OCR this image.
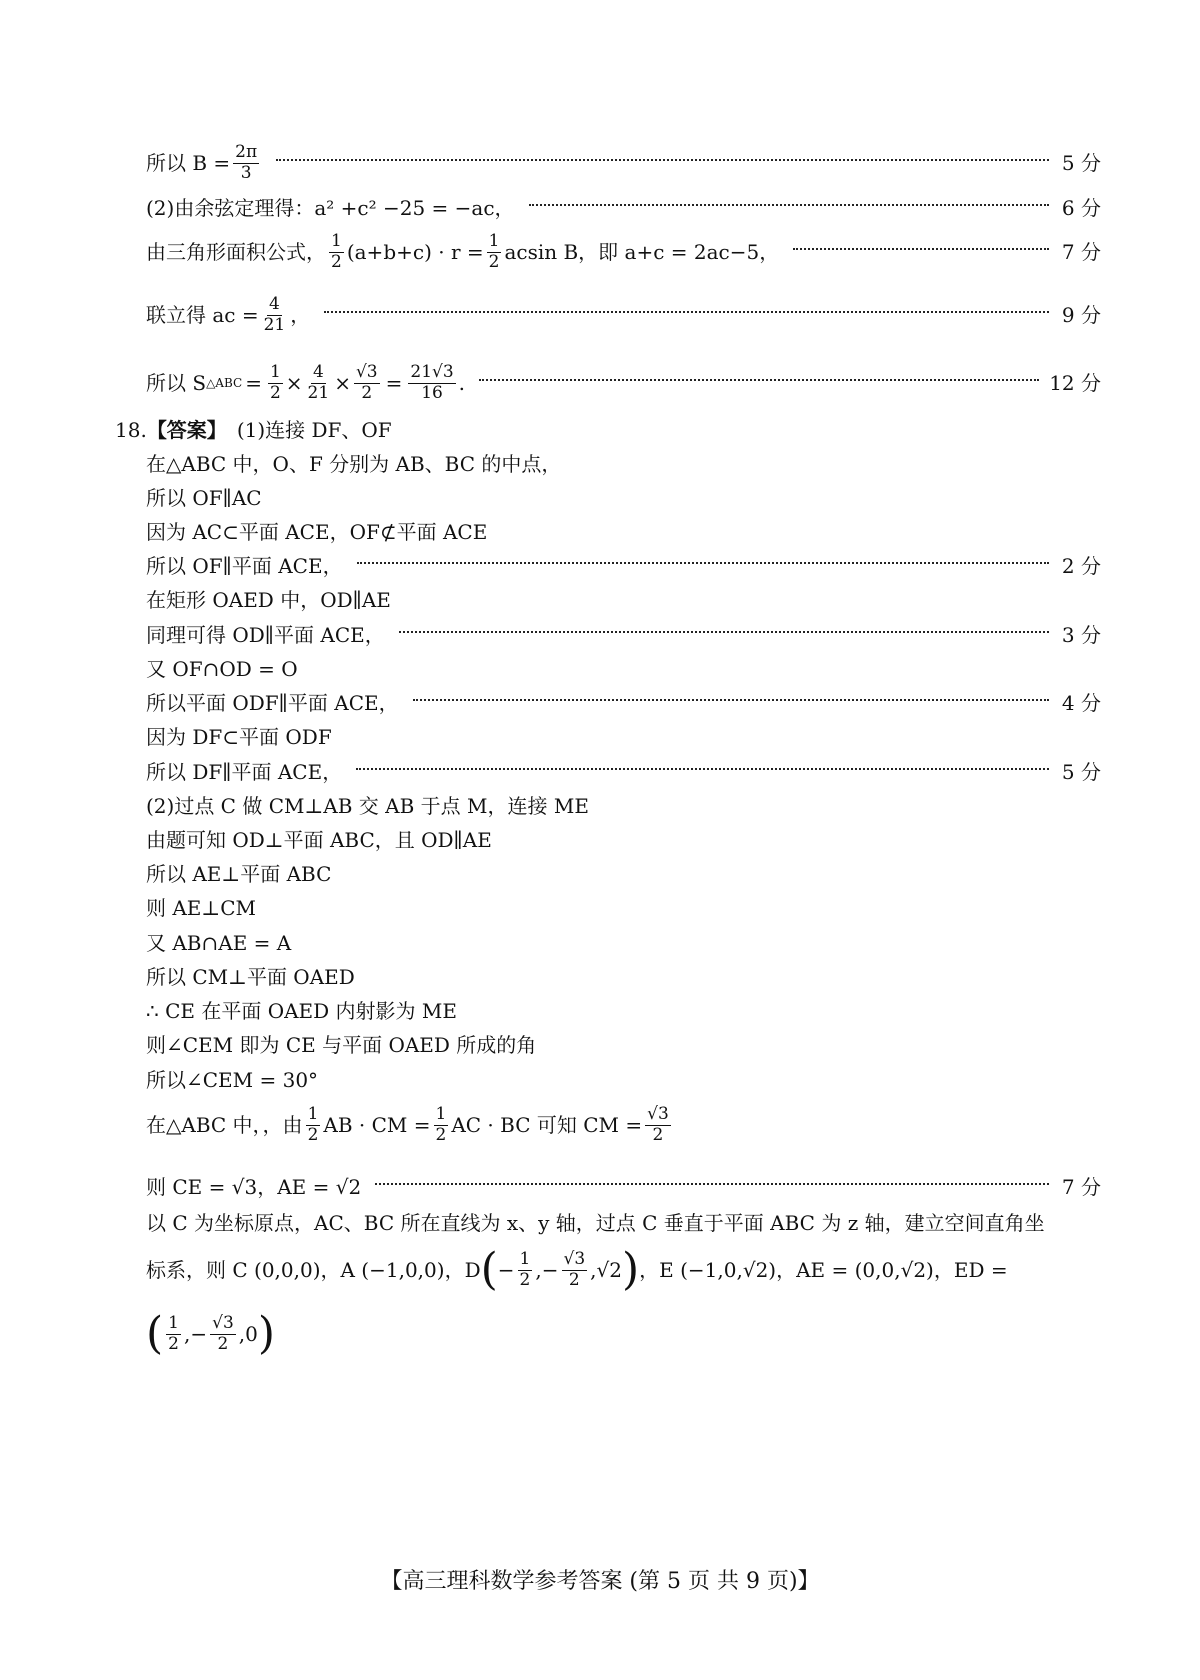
所以 $B = \frac{2\pi}{3}$	5 分
(2)由余弦定理得：a² +c² −25 = −ac，	6 分
由三角形面积公式， $\frac{1}{2} (a+b+c) \cdot r = \frac{1}{2}$ acsin B，即 a+c = 2ac−5，	7 分
联立得 ac = $\frac{4}{21}$ ，	9 分
所以 S △ABC = $\frac{1}{2} \times \frac{4}{21} \times \frac{√3}{2} = \frac{21√3}{16}$ .	12 分
18. 【答案】 (1)连接 DF、OF
在△ABC 中，O、F 分别为 AB、BC 的中点，
所以 OF∥AC
因为 AC⊂平面 ACE，OF⊄平面 ACE
所以 OF∥平面 ACE，	2 分
在矩形 OAED 中，OD∥AE
同理可得 OD∥平面 ACE，	3 分
又 OF∩OD = O
所以平面 ODF∥平面 ACE，	4 分
因为 DF⊂平面 ODF
所以 DF∥平面 ACE，	5 分
(2)过点 C 做 CM⊥AB 交 AB 于点 M，连接 ME
由题可知 OD⊥平面 ABC，且 OD∥AE
所以 AE⊥平面 ABC
则 AE⊥CM
又 AB∩AE = A
所以 CM⊥平面 OAED
∴ CE 在平面 OAED 内射影为 ME
则∠CEM 即为 CE 与平面 OAED 所成的角
所以∠CEM = 30°
在△ABC 中，，由 $\frac{1}{2}$ AB · CM = $\frac{1}{2}$ AC · BC 可知 CM = $\frac{√3}{2}$
则 CE = √3，AE = √2	7 分
以 C 为坐标原点，AC、BC 所在直线为 x、y 轴，过点 C 垂直于平面 ABC 为 z 轴，建立空间直角坐
标系，则 C (0,0,0)，A (−1,0,0)，D ( − $\frac{1}{2}$ ,− $\frac{√3}{2} ,√2$ ) ，E (−1,0,√2)，AE = (0,0,√2)，ED =
( $\frac{1}{2}$ ,− $\frac{√3}{2} ,0$ )
【高三理科数学参考答案 (第 5 页 共 9 页)】
